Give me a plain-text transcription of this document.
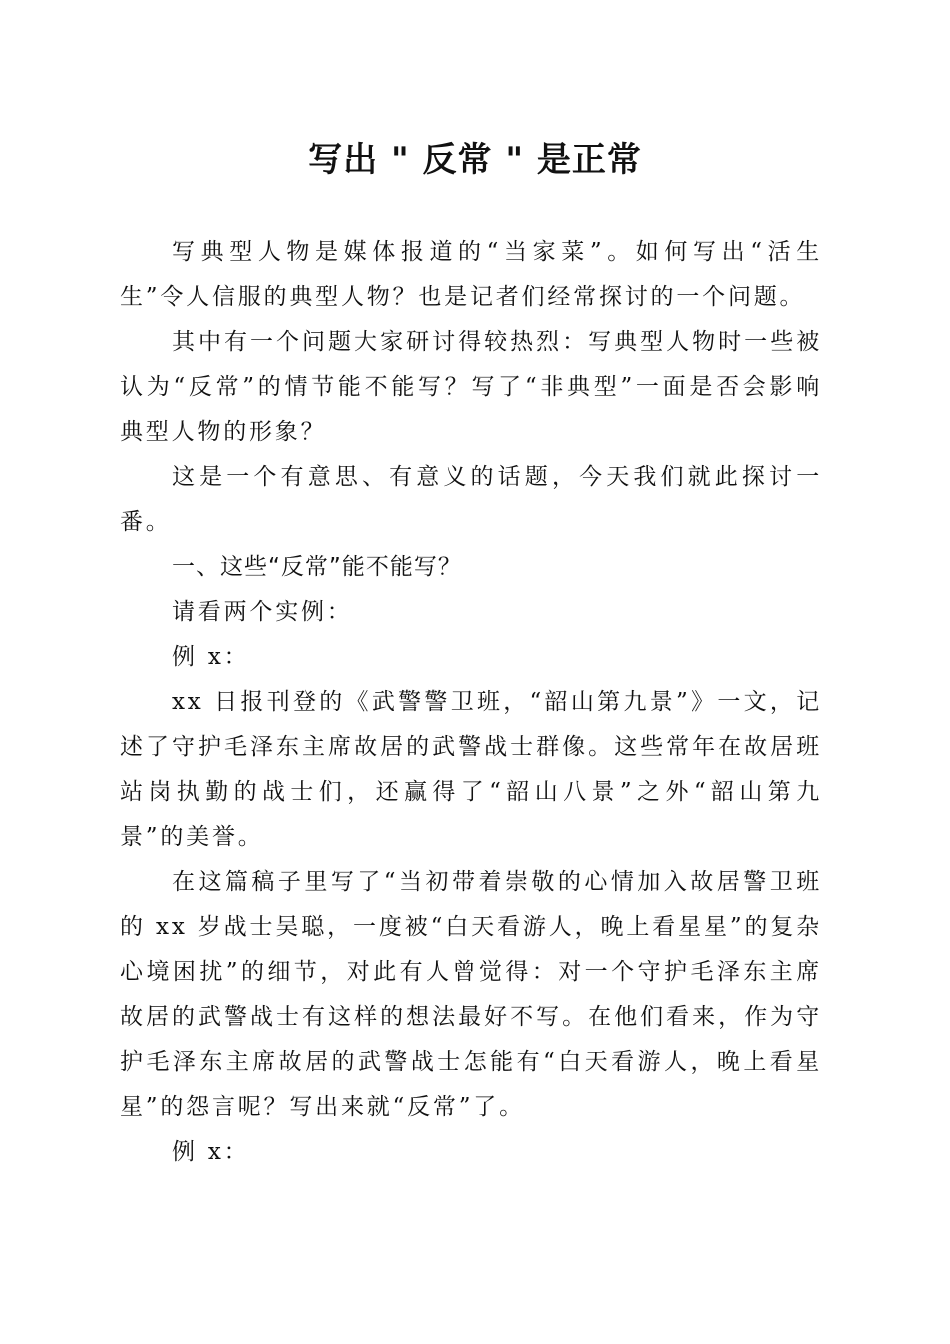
写出 " 反常 " 是正常

写典型人物是媒体报道的“当家菜”。如何写出“活生生”令人信服的典型人物？也是记者们经常探讨的一个问题。

其中有一个问题大家研讨得较热烈：写典型人物时一些被认为“反常”的情节能不能写？写了“非典型”一面是否会影响典型人物的形象？

这是一个有意思、有意义的话题，今天我们就此探讨一番。

一、这些“反常”能不能写？

请看两个实例：

例 x：

xx 日报刊登的《武警警卫班，“韶山第九景”》一文，记述了守护毛泽东主席故居的武警战士群像。这些常年在故居班站岗执勤的战士们，还赢得了“韶山八景”之外“韶山第九景”的美誉。

在这篇稿子里写了“当初带着崇敬的心情加入故居警卫班的 xx 岁战士吴聪，一度被“白天看游人，晚上看星星”的复杂心境困扰”的细节，对此有人曾觉得：对一个守护毛泽东主席故居的武警战士有这样的想法最好不写。在他们看来，作为守护毛泽东主席故居的武警战士怎能有“白天看游人，晚上看星星”的怨言呢？写出来就“反常”了。

例 x：
